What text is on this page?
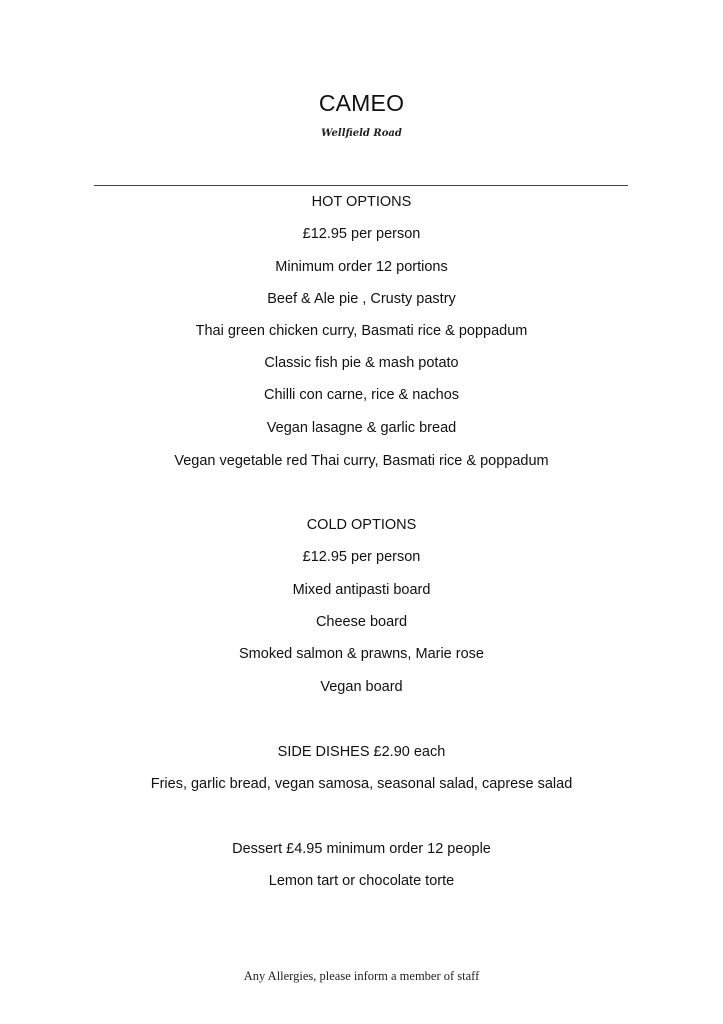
CAMEO
Wellfield Road
HOT OPTIONS
£12.95 per person
Minimum order 12 portions
Beef & Ale pie , Crusty pastry
Thai green chicken curry, Basmati rice & poppadum
Classic fish pie & mash potato
Chilli con carne, rice & nachos
Vegan lasagne & garlic bread
Vegan vegetable red Thai curry, Basmati rice & poppadum
COLD OPTIONS
£12.95 per person
Mixed antipasti board
Cheese board
Smoked salmon & prawns, Marie rose
Vegan board
SIDE DISHES £2.90 each
Fries, garlic bread, vegan samosa, seasonal salad, caprese salad
Dessert £4.95 minimum order 12 people
Lemon tart or chocolate torte
Any Allergies, please inform a member of staff
